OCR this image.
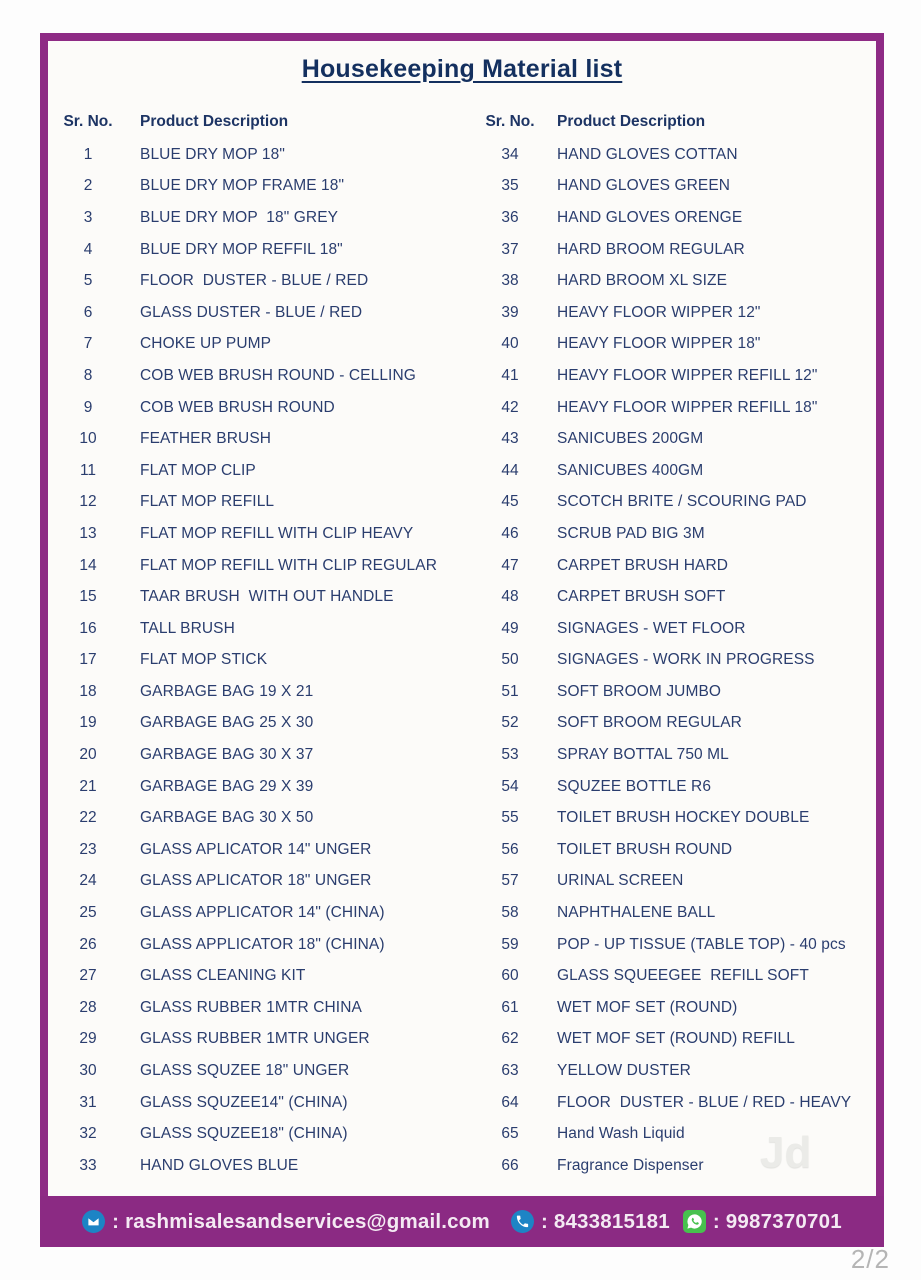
Housekeeping Material list
Sr. No.	Product Description
1	BLUE DRY MOP 18"
2	BLUE DRY MOP FRAME 18"
3	BLUE DRY MOP  18" GREY
4	BLUE DRY MOP REFFIL 18"
5	FLOOR  DUSTER - BLUE / RED
6	GLASS DUSTER - BLUE / RED
7	CHOKE UP PUMP
8	COB WEB BRUSH ROUND - CELLING
9	COB WEB BRUSH ROUND
10	FEATHER BRUSH
11	FLAT MOP CLIP
12	FLAT MOP REFILL
13	FLAT MOP REFILL WITH CLIP HEAVY
14	FLAT MOP REFILL WITH CLIP REGULAR
15	TAAR BRUSH  WITH OUT HANDLE
16	TALL BRUSH
17	FLAT MOP STICK
18	GARBAGE BAG 19 X 21
19	GARBAGE BAG 25 X 30
20	GARBAGE BAG 30 X 37
21	GARBAGE BAG 29 X 39
22	GARBAGE BAG 30 X 50
23	GLASS APLICATOR 14" UNGER
24	GLASS APLICATOR 18" UNGER
25	GLASS APPLICATOR 14" (CHINA)
26	GLASS APPLICATOR 18" (CHINA)
27	GLASS CLEANING KIT
28	GLASS RUBBER 1MTR CHINA
29	GLASS RUBBER 1MTR UNGER
30	GLASS SQUZEE 18" UNGER
31	GLASS SQUZEE14" (CHINA)
32	GLASS SQUZEE18" (CHINA)
33	HAND GLOVES BLUE
Sr. No.	Product Description
34	HAND GLOVES COTTAN
35	HAND GLOVES GREEN
36	HAND GLOVES ORENGE
37	HARD BROOM REGULAR
38	HARD BROOM XL SIZE
39	HEAVY FLOOR WIPPER 12"
40	HEAVY FLOOR WIPPER 18"
41	HEAVY FLOOR WIPPER REFILL 12"
42	HEAVY FLOOR WIPPER REFILL 18"
43	SANICUBES 200GM
44	SANICUBES 400GM
45	SCOTCH BRITE / SCOURING PAD
46	SCRUB PAD BIG 3M
47	CARPET BRUSH HARD
48	CARPET BRUSH SOFT
49	SIGNAGES - WET FLOOR
50	SIGNAGES - WORK IN PROGRESS
51	SOFT BROOM JUMBO
52	SOFT BROOM REGULAR
53	SPRAY BOTTAL 750 ML
54	SQUZEE BOTTLE R6
55	TOILET BRUSH HOCKEY DOUBLE
56	TOILET BRUSH ROUND
57	URINAL SCREEN
58	NAPHTHALENE BALL
59	POP - UP TISSUE (TABLE TOP) - 40 pcs
60	GLASS SQUEEGEE  REFILL SOFT
61	WET MOF SET (ROUND)
62	WET MOF SET (ROUND) REFILL
63	YELLOW DUSTER
64	FLOOR  DUSTER - BLUE / RED - HEAVY
65	Hand Wash Liquid
66	Fragrance Dispenser
: rashmisalesandservices@gmail.com : 8433815181 : 9987370701
Jd
2/2
